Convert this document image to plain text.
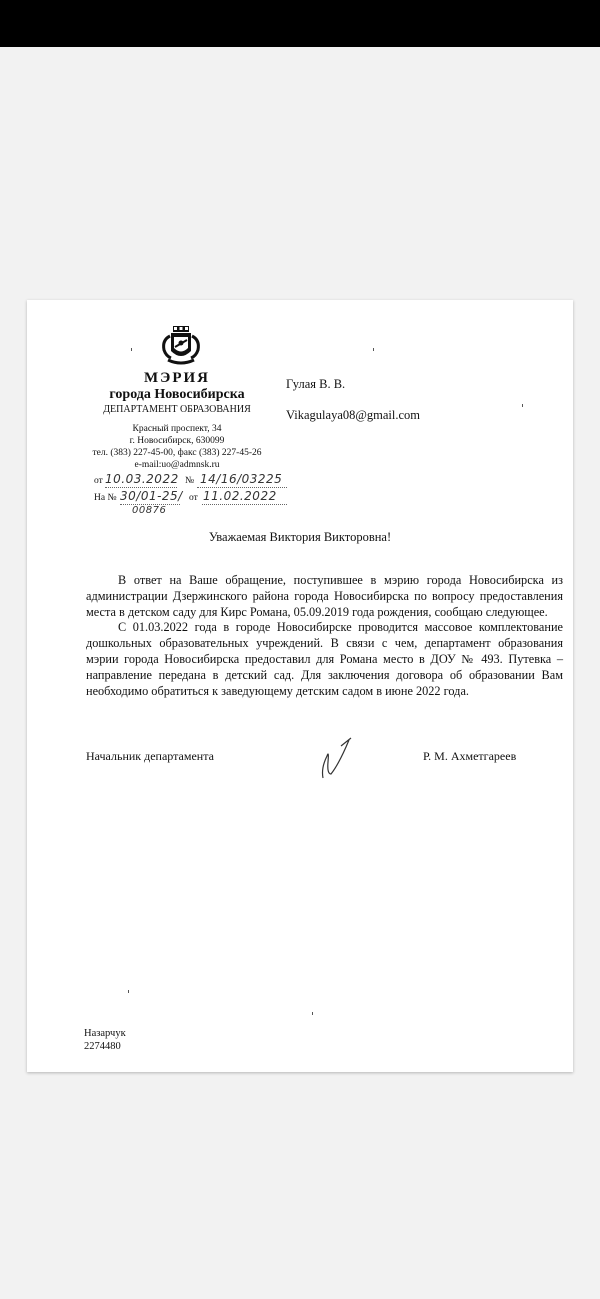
МЭРИЯ
города Новосибирска
ДЕПАРТАМЕНТ ОБРАЗОВАНИЯ
Красный проспект, 34
г. Новосибирск, 630099
тел. (383) 227-45-00, факс (383) 227-45-26
e-mail:uo@admnsk.ru
от 10.03.2022 № 14/16/03225
На № 30/01-25/ от 11.02.2022
00876
Гулая В. В.
Vikagulaya08@gmail.com
Уважаемая Виктория Викторовна!

В ответ на Ваше обращение, поступившее в мэрию города Новосибирска из администрации Дзержинского района города Новосибирска по вопросу предоставления места в детском саду для Кирс Романа, 05.09.2019 года рождения, сообщаю следующее.

С 01.03.2022 года в городе Новосибирске проводится массовое комплектование дошкольных образовательных учреждений. В связи с чем, департамент образования мэрии города Новосибирска предоставил для Романа место в ДОУ № 493. Путевка – направление передана в детский сад. Для заключения договора об образовании Вам необходимо обратиться к заведующему детским садом в июне 2022 года.

Начальник департамента	Р. М. Ахметгареев
Назарчук
2274480
